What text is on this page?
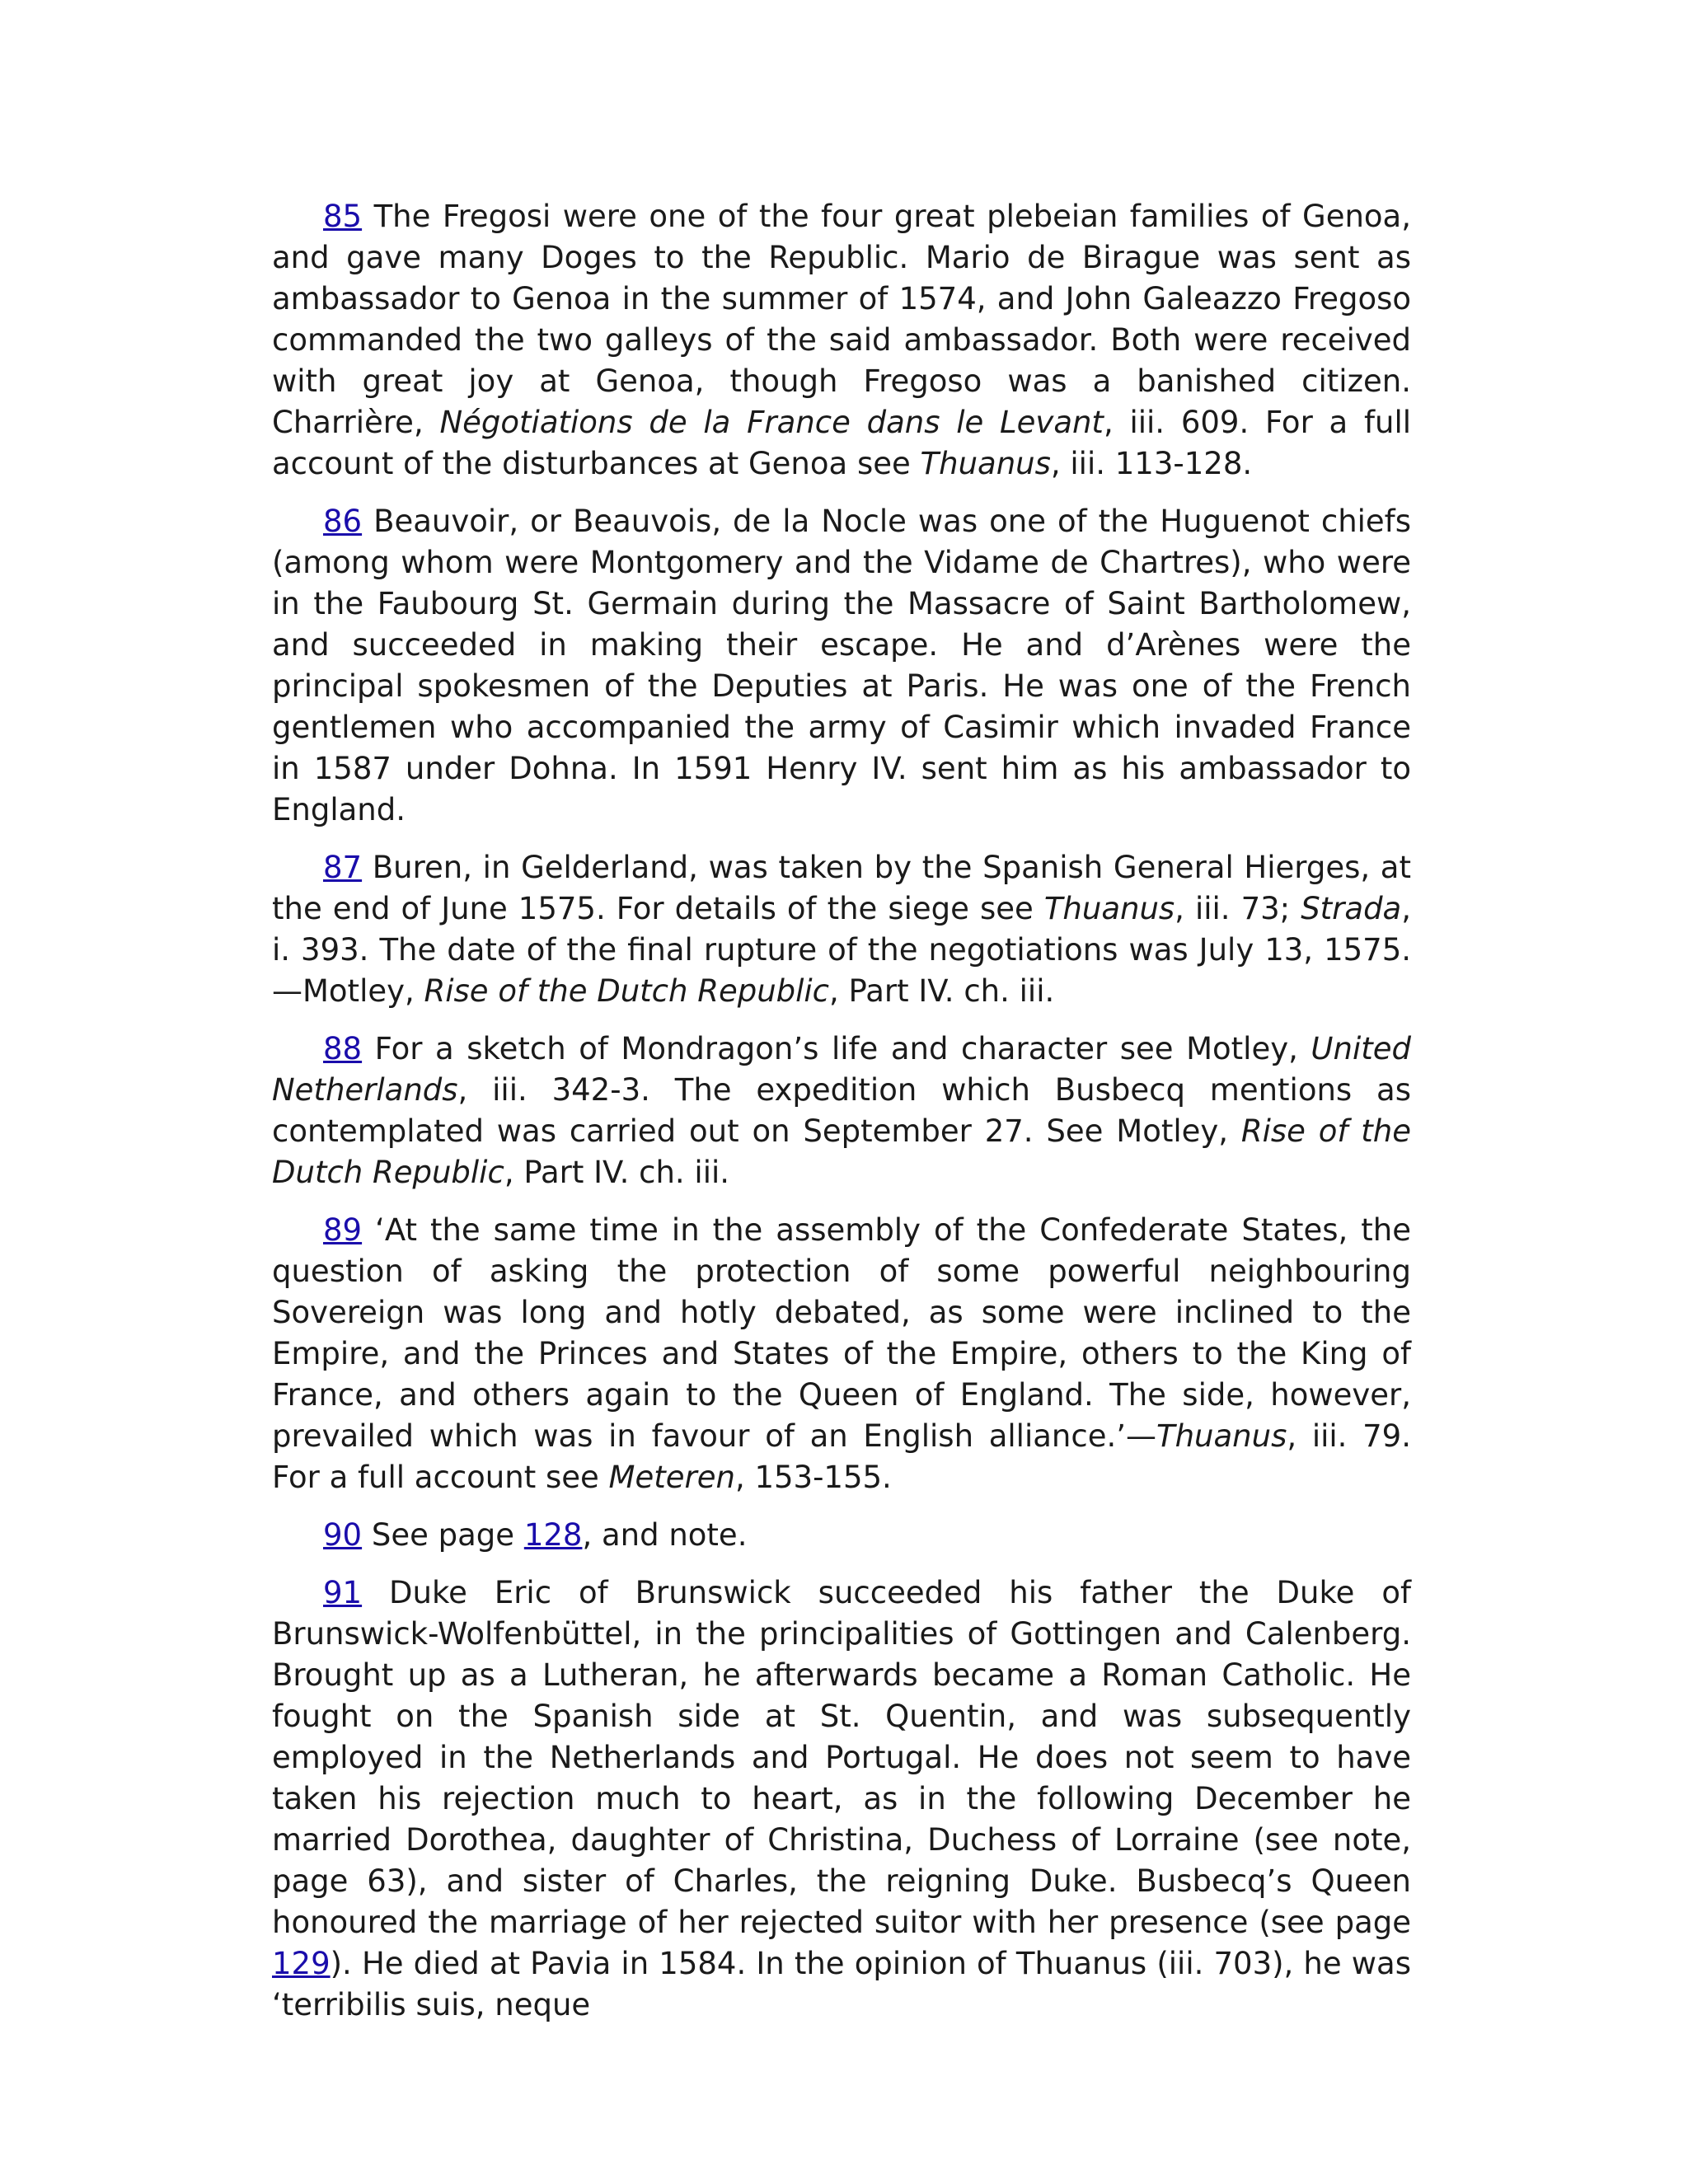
85 The Fregosi were one of the four great plebeian families of Genoa, and gave many Doges to the Republic. Mario de Birague was sent as ambassador to Genoa in the summer of 1574, and John Galeazzo Fregoso commanded the two galleys of the said ambassador. Both were received with great joy at Genoa, though Fregoso was a banished citizen. Charrière, Négotiations de la France dans le Levant, iii. 609. For a full account of the disturbances at Genoa see Thuanus, iii. 113-128.

86 Beauvoir, or Beauvois, de la Nocle was one of the Huguenot chiefs (among whom were Montgomery and the Vidame de Chartres), who were in the Faubourg St. Germain during the Massacre of Saint Bartholomew, and succeeded in making their escape. He and d’Arènes were the principal spokesmen of the Deputies at Paris. He was one of the French gentlemen who accompanied the army of Casimir which invaded France in 1587 under Dohna. In 1591 Henry IV. sent him as his ambassador to England.

87 Buren, in Gelderland, was taken by the Spanish General Hierges, at the end of June 1575. For details of the siege see Thuanus, iii. 73; Strada, i. 393. The date of the final rupture of the negotiations was July 13, 1575. —Motley, Rise of the Dutch Republic, Part IV. ch. iii.

88 For a sketch of Mondragon’s life and character see Motley, United Netherlands, iii. 342-3. The expedition which Busbecq mentions as contemplated was carried out on September 27. See Motley, Rise of the Dutch Republic, Part IV. ch. iii.

89 ‘At the same time in the assembly of the Confederate States, the question of asking the protection of some powerful neighbouring Sovereign was long and hotly debated, as some were inclined to the Empire, and the Princes and States of the Empire, others to the King of France, and others again to the Queen of England. The side, however, prevailed which was in favour of an English alliance.’—Thuanus, iii. 79. For a full account see Meteren, 153-155.

90 See page 128, and note.

91 Duke Eric of Brunswick succeeded his father the Duke of Brunswick-Wolfenbüttel, in the principalities of Gottingen and Calenberg. Brought up as a Lutheran, he afterwards became a Roman Catholic. He fought on the Spanish side at St. Quentin, and was subsequently employed in the Netherlands and Portugal. He does not seem to have taken his rejection much to heart, as in the following December he married Dorothea, daughter of Christina, Duchess of Lorraine (see note, page 63), and sister of Charles, the reigning Duke. Busbecq’s Queen honoured the marriage of her rejected suitor with her presence (see page 129). He died at Pavia in 1584. In the opinion of Thuanus (iii. 703), he was ‘terribilis suis, neque
